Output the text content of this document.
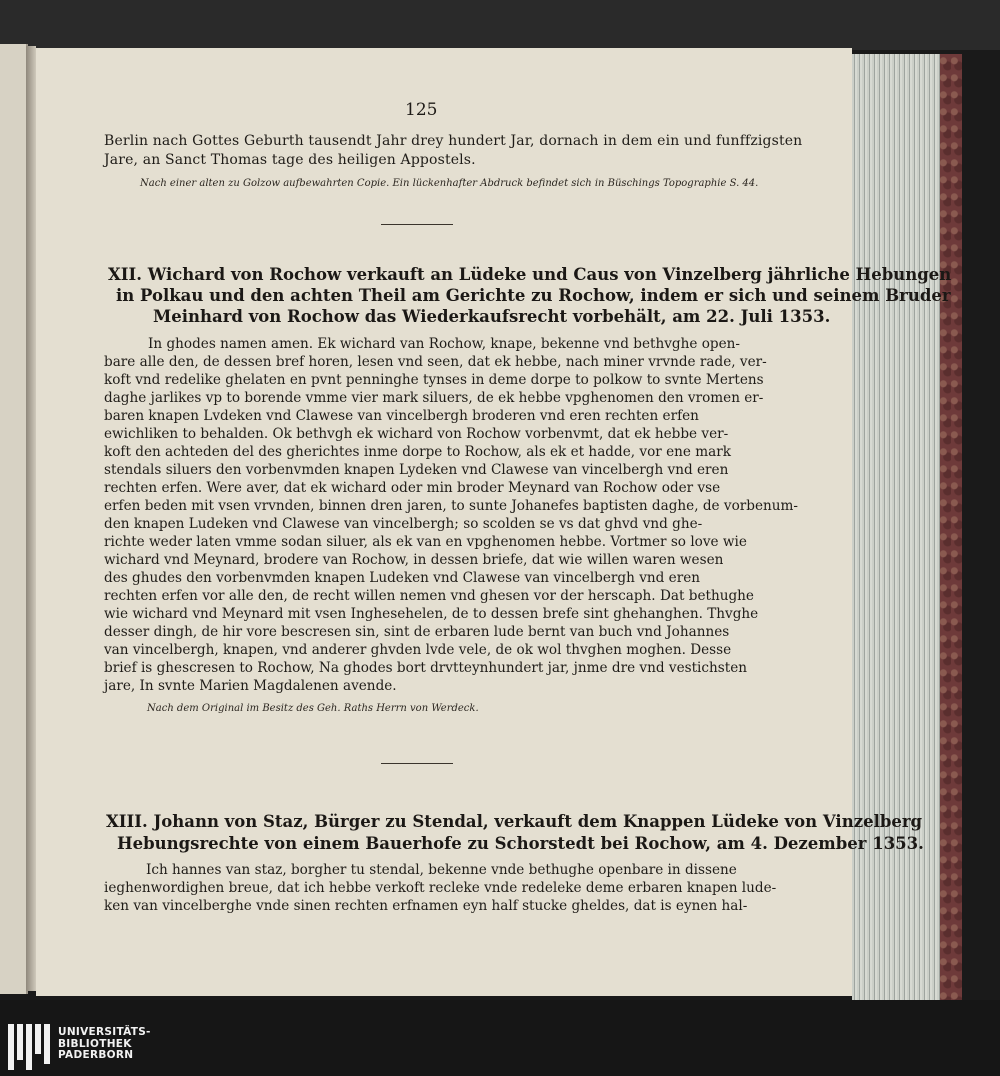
125
Berlin nach Gottes Geburth tausendt Jahr drey hundert Jar, dornach in dem ein und funffzigsten
Jare, an Sanct Thomas tage des heiligen Appostels.
Nach einer alten zu Golzow aufbewahrten Copie. Ein lückenhafter Abdruck befindet sich in Büschings Topographie S. 44.
XII. Wichard von Rochow verkauft an Lüdeke und Caus von Vinzelberg jährliche Hebungen
in Polkau und den achten Theil am Gerichte zu Rochow, indem er sich und seinem Bruder
Meinhard von Rochow das Wiederkaufsrecht vorbehält, am 22. Juli 1353.
In ghodes namen amen. Ek wichard van Rochow, knape, bekenne vnd bethvghe open-
bare alle den, de dessen bref horen, lesen vnd seen, dat ek hebbe, nach miner vrvnde rade, ver-
koft vnd redelike ghelaten en pvnt penninghe tynses in deme dorpe to polkow to svnte Mertens
daghe jarlikes vp to borende vmme vier mark siluers, de ek hebbe vpghenomen den vromen er-
baren knapen Lvdeken vnd Clawese van vincelbergh broderen vnd eren rechten erfen
ewichliken to behalden. Ok bethvgh ek wichard von Rochow vorbenvmt, dat ek hebbe ver-
koft den achteden del des gherichtes inme dorpe to Rochow, als ek et hadde, vor ene mark
stendals siluers den vorbenvmden knapen Lydeken vnd Clawese van vincelbergh vnd eren
rechten erfen. Were aver, dat ek wichard oder min broder Meynard van Rochow oder vse
erfen beden mit vsen vrvnden, binnen dren jaren, to sunte Johanefes baptisten daghe, de vorbenum-
den knapen Ludeken vnd Clawese van vincelbergh; so scolden se vs dat ghvd vnd ghe-
richte weder laten vmme sodan siluer, als ek van en vpghenomen hebbe. Vortmer so love wie
wichard vnd Meynard, brodere van Rochow, in dessen briefe, dat wie willen waren wesen
des ghudes den vorbenvmden knapen Ludeken vnd Clawese van vincelbergh vnd eren
rechten erfen vor alle den, de recht willen nemen vnd ghesen vor der herscaph. Dat bethughe
wie wichard vnd Meynard mit vsen Inghesehelen, de to dessen brefe sint ghehanghen. Thvghe
desser dingh, de hir vore bescresen sin, sint de erbaren lude bernt van buch vnd Johannes
van vincelbergh, knapen, vnd anderer ghvden lvde vele, de ok wol thvghen moghen. Desse
brief is ghescresen to Rochow, Na ghodes bort drvtteynhundert jar, jnme dre vnd vestichsten
jare, In svnte Marien Magdalenen avende.
Nach dem Original im Besitz des Geh. Raths Herrn von Werdeck.
XIII. Johann von Staz, Bürger zu Stendal, verkauft dem Knappen Lüdeke von Vinzelberg
Hebungsrechte von einem Bauerhofe zu Schorstedt bei Rochow, am 4. Dezember 1353.
Ich hannes van staz, borgher tu stendal, bekenne vnde bethughe openbare in dissene
ieghenwordighen breue, dat ich hebbe verkoft recleke vnde redeleke deme erbaren knapen lude-
ken van vincelberghe vnde sinen rechten erfnamen eyn half stucke gheldes, dat is eynen hal-
UNIVERSITÄTS-
BIBLIOTHEK
PADERBORN
